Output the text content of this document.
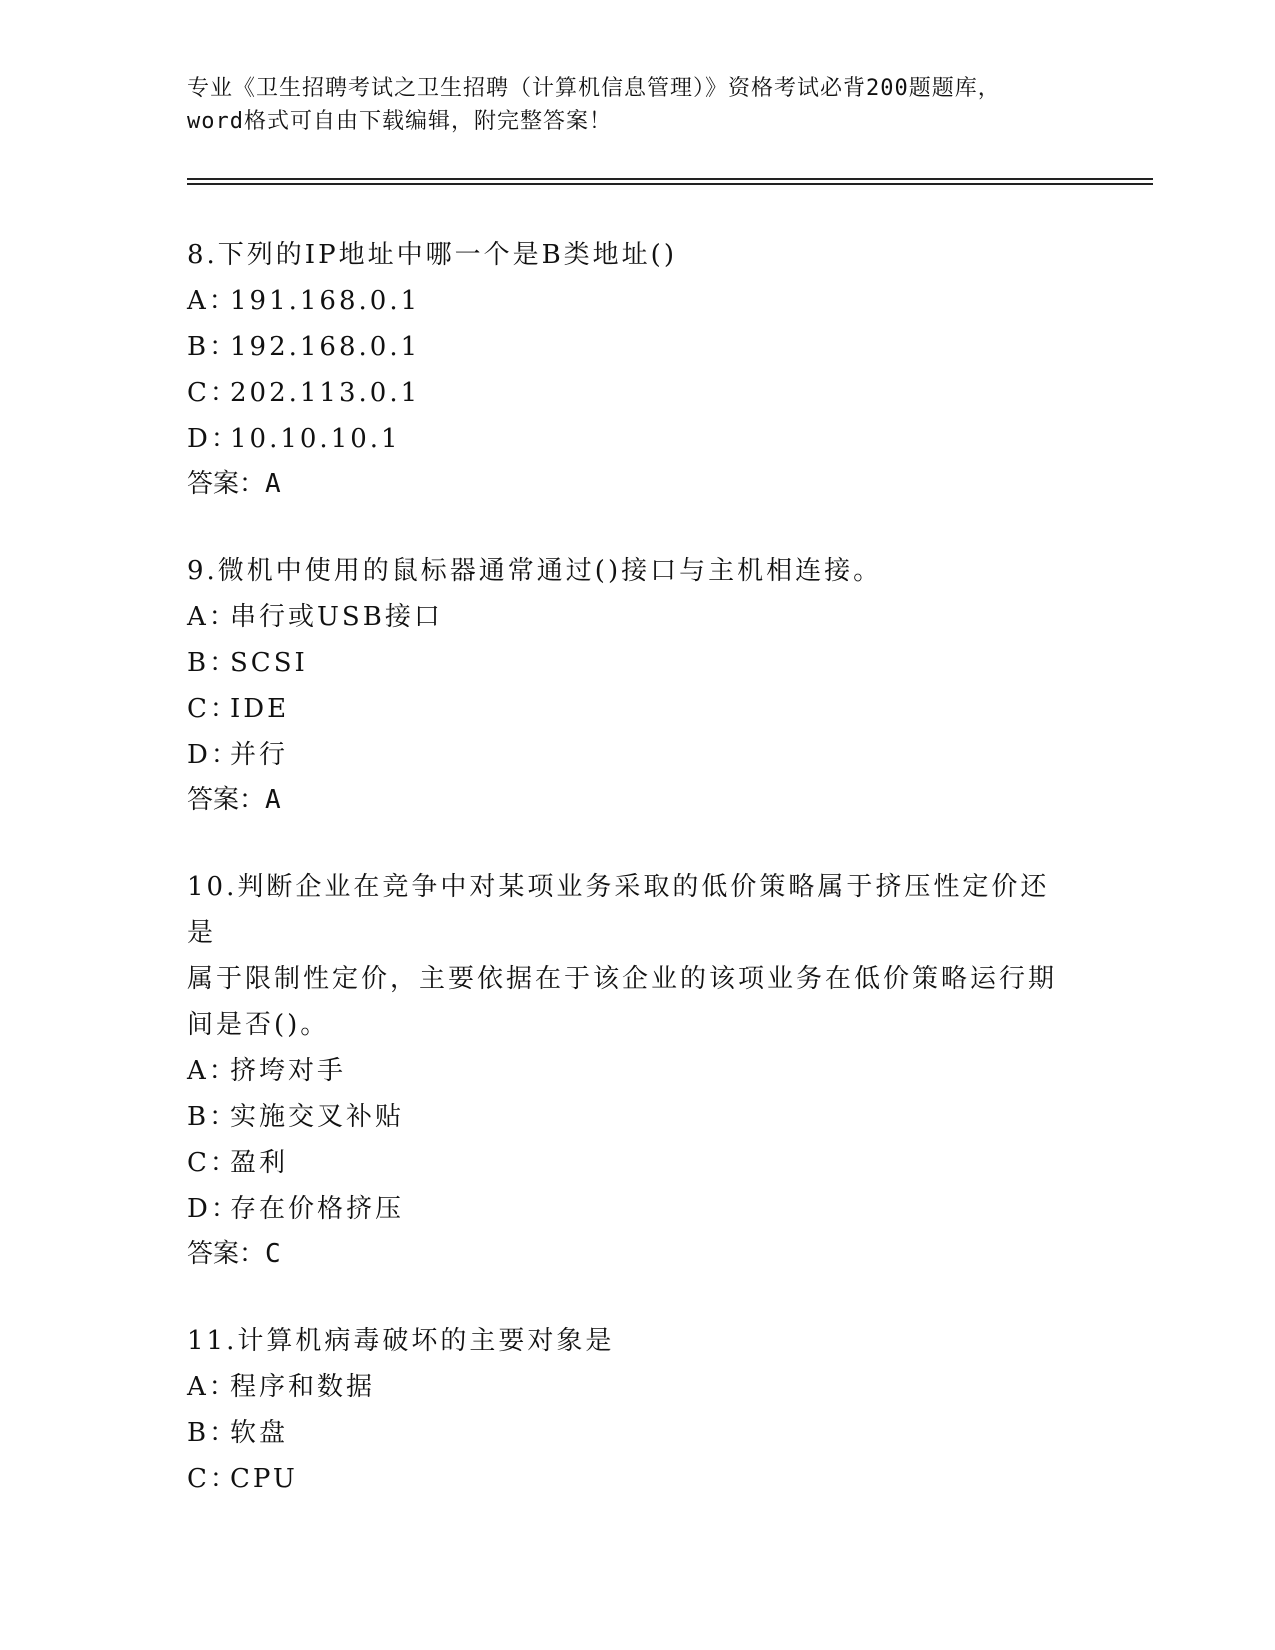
专业《卫生招聘考试之卫生招聘（计算机信息管理）》资格考试必背200题题库，
word格式可自由下载编辑，附完整答案！
8.下列的IP地址中哪一个是B类地址()
A：191.168.0.1
B：192.168.0.1
C：202.113.0.1
D：10.10.10.1
答案：A
9.微机中使用的鼠标器通常通过()接口与主机相连接。
A：串行或USB接口
B：SCSI
C：IDE
D：并行
答案：A
10.判断企业在竞争中对某项业务采取的低价策略属于挤压性定价还是
属于限制性定价，主要依据在于该企业的该项业务在低价策略运行期
间是否()。
A：挤垮对手
B：实施交叉补贴
C：盈利
D：存在价格挤压
答案：C
11.计算机病毒破坏的主要对象是
A：程序和数据
B：软盘
C：CPU
